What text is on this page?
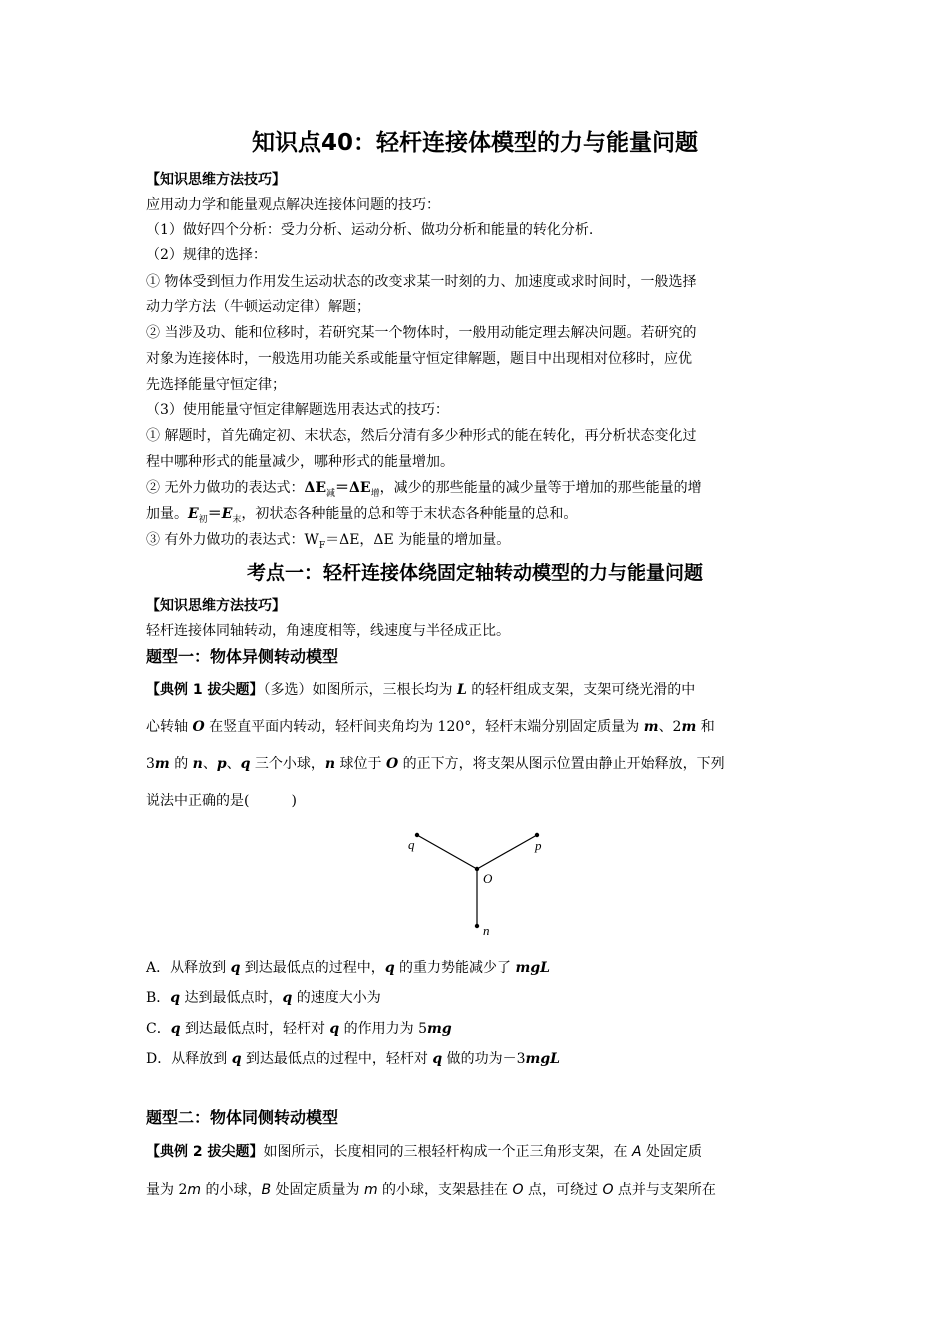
知识点40：轻杆连接体模型的力与能量问题
【知识思维方法技巧】
应用动力学和能量观点解决连接体问题的技巧：
（1）做好四个分析：受力分析、运动分析、做功分析和能量的转化分析.
（2）规律的选择：
① 物体受到恒力作用发生运动状态的改变求某一时刻的力、加速度或求时间时，一般选择
动力学方法（牛顿运动定律）解题；
② 当涉及功、能和位移时，若研究某一个物体时，一般用动能定理去解决问题。若研究的
对象为连接体时，一般选用功能关系或能量守恒定律解题，题目中出现相对位移时，应优
先选择能量守恒定律；
（3）使用能量守恒定律解题选用表达式的技巧：
① 解题时，首先确定初、末状态，然后分清有多少种形式的能在转化，再分析状态变化过
程中哪种形式的能量减少，哪种形式的能量增加。
② 无外力做功的表达式：$\Delta E_减=\Delta E_增$，减少的那些能量的减少量等于增加的那些能量的增
加量。$E_初=E_末$，初状态各种能量的总和等于末状态各种能量的总和。
③ 有外力做功的表达式：$W_F=\Delta E$，ΔE 为能量的增加量。
考点一：轻杆连接体绕固定轴转动模型的力与能量问题
【知识思维方法技巧】
轻杆连接体同轴转动，角速度相等，线速度与半径成正比。
题型一：物体异侧转动模型
【典例 1 拔尖题】（多选）如图所示，三根长均为 L 的轻杆组成支架，支架可绕光滑的中
心转轴 O 在竖直平面内转动，轻杆间夹角均为 120°，轻杆末端分别固定质量为 m、2m 和
3m 的 n、p、q 三个小球，n 球位于 O 的正下方，将支架从图示位置由静止开始释放，下列
说法中正确的是(　　　)
q	p
O
n
A．从释放到 q 到达最低点的过程中，q 的重力势能减少了 mgL
B．q 达到最低点时，q 的速度大小为
C．q 到达最低点时，轻杆对 q 的作用力为 5mg
D．从释放到 q 到达最低点的过程中，轻杆对 q 做的功为－3mgL
题型二：物体同侧转动模型
【典例 2 拔尖题】如图所示，长度相同的三根轻杆构成一个正三角形支架，在 A 处固定质
量为 2m 的小球，B 处固定质量为 m 的小球，支架悬挂在 O 点，可绕过 O 点并与支架所在
